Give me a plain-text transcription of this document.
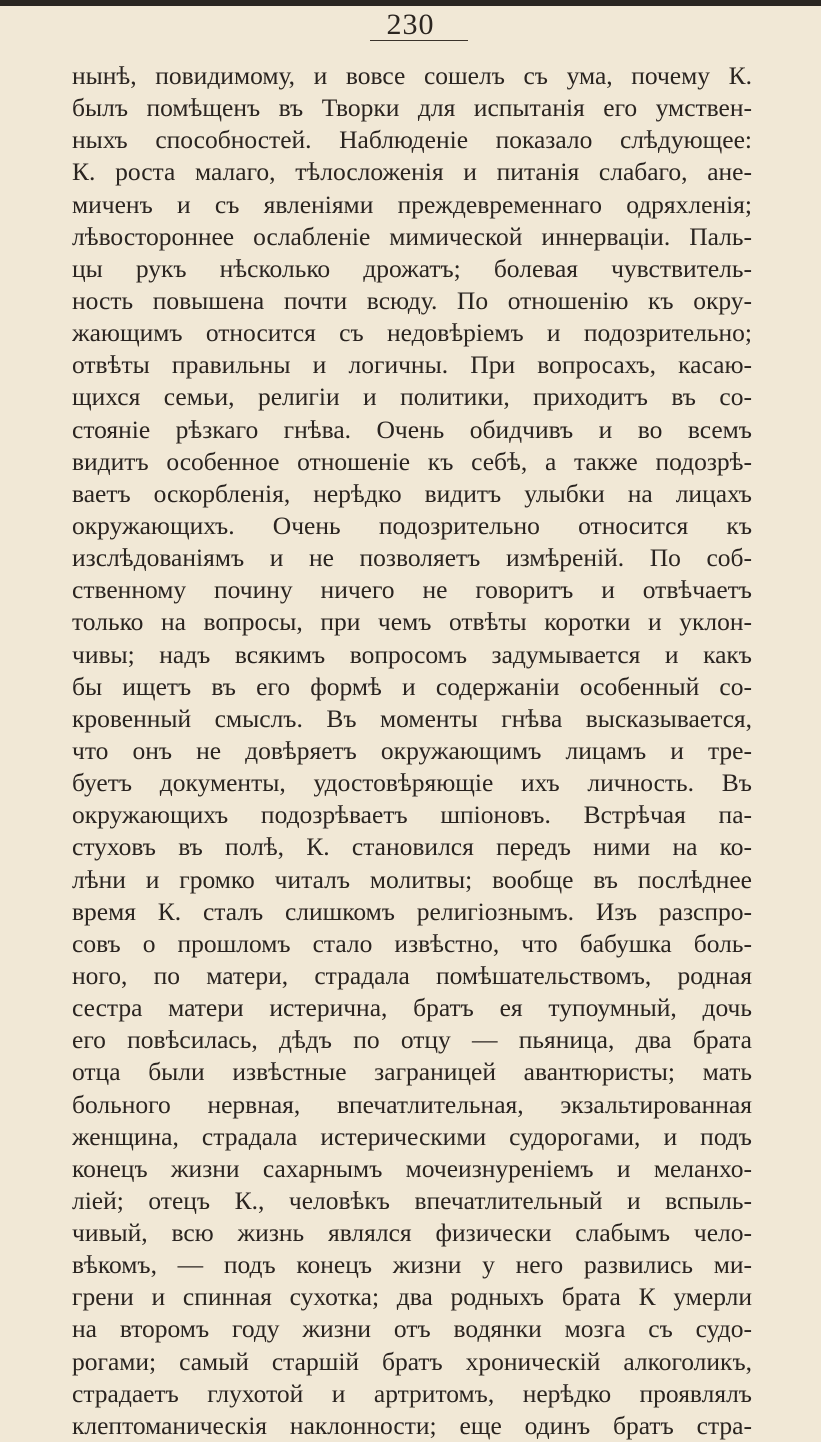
230
нынѣ, повидимому, и вовсе сошелъ съ ума, почему К.
былъ помѣщенъ въ Творки для испытанія его умствен-
ныхъ способностей. Наблюденіе показало слѣдующее:
К. роста малаго, тѣлосложенія и питанія слабаго, ане-
миченъ и съ явленіями преждевременнаго одряхленія;
лѣвостороннее ослабленіе мимической иннерваціи. Паль-
цы рукъ нѣсколько дрожатъ; болевая чувствитель-
ность повышена почти всюду. По отношенію къ окру-
жающимъ относится съ недовѣріемъ и подозрительно;
отвѣты правильны и логичны. При вопросахъ, касаю-
щихся семьи, религіи и политики, приходитъ въ со-
стояніе рѣзкаго гнѣва. Очень обидчивъ и во всемъ
видитъ особенное отношеніе къ себѣ, а также подозрѣ-
ваетъ оскорбленія, нерѣдко видитъ улыбки на лицахъ
окружающихъ. Очень подозрительно относится къ
изслѣдованіямъ и не позволяетъ измѣреній. По соб-
ственному почину ничего не говоритъ и отвѣчаетъ
только на вопросы, при чемъ отвѣты коротки и уклон-
чивы; надъ всякимъ вопросомъ задумывается и какъ
бы ищетъ въ его формѣ и содержаніи особенный со-
кровенный смыслъ. Въ моменты гнѣва высказывается,
что онъ не довѣряетъ окружающимъ лицамъ и тре-
буетъ документы, удостовѣряющіе ихъ личность. Въ
окружающихъ подозрѣваетъ шпіоновъ. Встрѣчая па-
стуховъ въ полѣ, К. становился передъ ними на ко-
лѣни и громко читалъ молитвы; вообще въ послѣднее
время К. сталъ слишкомъ религіознымъ. Изъ разспро-
совъ о прошломъ стало извѣстно, что бабушка боль-
ного, по матери, страдала помѣшательствомъ, родная
сестра матери истерична, братъ ея тупоумный, дочь
его повѣсилась, дѣдъ по отцу — пьяница, два брата
отца были извѣстные заграницей авантюристы; мать
больного нервная, впечатлительная, экзальтированная
женщина, страдала истерическими судорогами, и подъ
конецъ жизни сахарнымъ мочеизнуреніемъ и меланхо-
ліей; отецъ К., человѣкъ впечатлительный и вспыль-
чивый, всю жизнь являлся физически слабымъ чело-
вѣкомъ, — подъ конецъ жизни у него развились ми-
грени и спинная сухотка; два родныхъ брата К умерли
на второмъ году жизни отъ водянки мозга съ судо-
рогами; самый старшій братъ хроническій алкоголикъ,
страдаетъ глухотой и артритомъ, нерѣдко проявлялъ
клептоманическія наклонности; еще одинъ братъ стра-
